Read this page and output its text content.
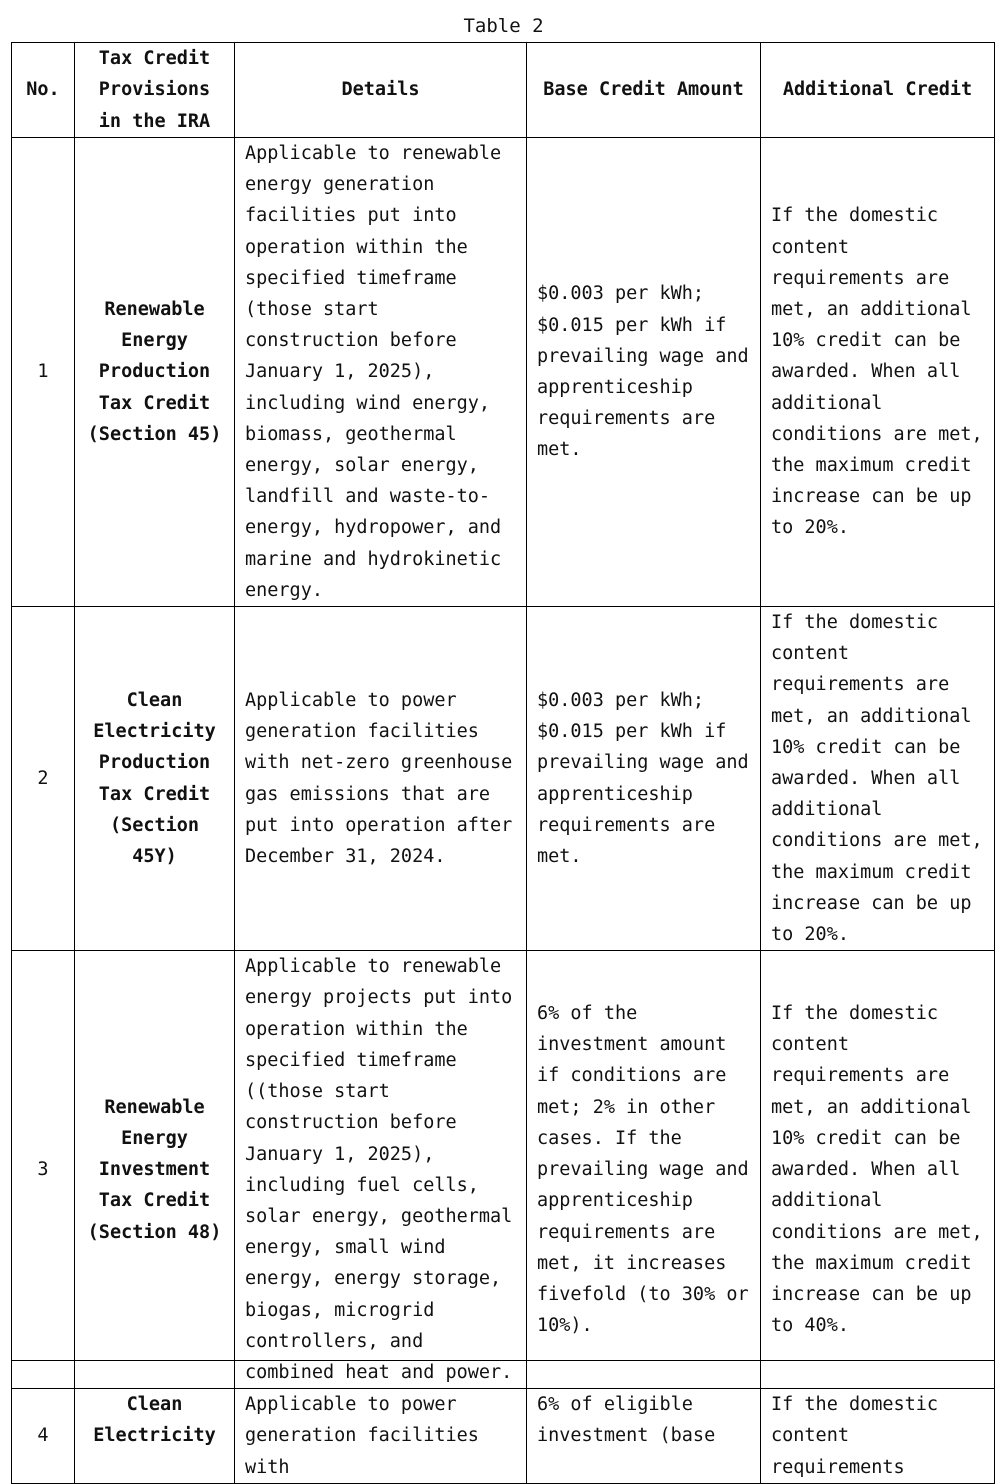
Table 2
No.	Tax Credit Provisions in the IRA	Details	Base Credit Amount	Additional Credit
1	Renewable Energy Production Tax Credit (Section 45)	Applicable to renewable energy generation facilities put into operation within the specified timeframe (those start construction before January 1, 2025), including wind energy, biomass, geothermal energy, solar energy, landfill and waste-to-energy, hydropower, and marine and hydrokinetic energy.	$0.003 per kWh; $0.015 per kWh if prevailing wage and apprenticeship requirements are met.	If the domestic content requirements are met, an additional 10% credit can be awarded. When all additional conditions are met, the maximum credit increase can be up to 20%.
2	Clean Electricity Production Tax Credit (Section 45Y)	Applicable to power generation facilities with net-zero greenhouse gas emissions that are put into operation after December 31, 2024.	$0.003 per kWh; $0.015 per kWh if prevailing wage and apprenticeship requirements are met.	If the domestic content requirements are met, an additional 10% credit can be awarded. When all additional conditions are met, the maximum credit increase can be up to 20%.
3	Renewable Energy Investment Tax Credit (Section 48)	Applicable to renewable energy projects put into operation within the specified timeframe ((those start construction before January 1, 2025), including fuel cells, solar energy, geothermal energy, small wind energy, energy storage, biogas, microgrid controllers, and combined heat and power.	6% of the investment amount if conditions are met; 2% in other cases. If the prevailing wage and apprenticeship requirements are met, it increases fivefold (to 30% or 10%).	If the domestic content requirements are met, an additional 10% credit can be awarded. When all additional conditions are met, the maximum credit increase can be up to 40%.
4	Clean Electricity	Applicable to power generation facilities with	6% of eligible investment (base	If the domestic content requirements
